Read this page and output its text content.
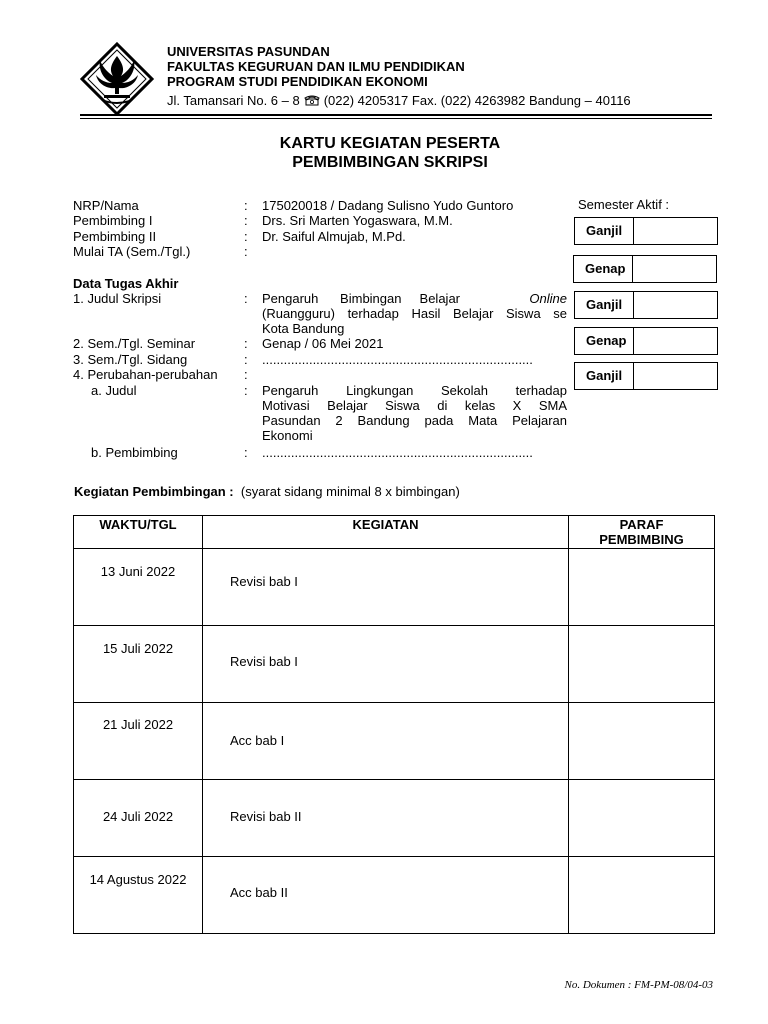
UNIVERSITAS PASUNDAN
FAKULTAS KEGURUAN DAN ILMU PENDIDIKAN
PROGRAM STUDI PENDIDIKAN EKONOMI
Jl. Tamansari No. 6 – 8 (022) 4205317 Fax. (022) 4263982 Bandung – 40116
KARTU KEGIATAN PESERTA
PEMBIMBINGAN SKRIPSI
NRP/Nama	: 175020018 / Dadang Sulisno Yudo Guntoro
Pembimbing I	: Drs. Sri Marten Yogaswara, M.M.
Pembimbing II	: Dr. Saiful Almujab, M.Pd.
Mulai TA (Sem./Tgl.)	:
Data Tugas Akhir
1. Judul Skripsi	: Pengaruh      Bimbingan     Belajar	Online
(Ruangguru) terhadap Hasil Belajar Siswa se
Kota Bandung
2. Sem./Tgl. Seminar	: Genap / 06 Mei 2021
3. Sem./Tgl. Sidang	: ...........................................................................
4. Perubahan-perubahan :
a. Judul	: Pengaruh  Lingkungan  Sekolah  terhadap
Motivasi  Belajar  Siswa  di  kelas  X  SMA
Pasundan  2  Bandung  pada  Mata  Pelajaran
Ekonomi
b. Pembimbing	: ...........................................................................
Semester Aktif :
Ganjil
Genap
Ganjil
Genap
Ganjil
Kegiatan Pembimbingan : (syarat sidang minimal 8 x bimbingan)
WAKTU/TGL	KEGIATAN	PARAF PEMBIMBING

13 Juni 2022	Revisi bab I	

15 Juli 2022	Revisi bab I	

21 Juli 2022	Acc bab I	

24 Juli 2022	Revisi bab II	

14 Agustus 2022	Acc bab II	

No. Dokumen : FM-PM-08/04-03
